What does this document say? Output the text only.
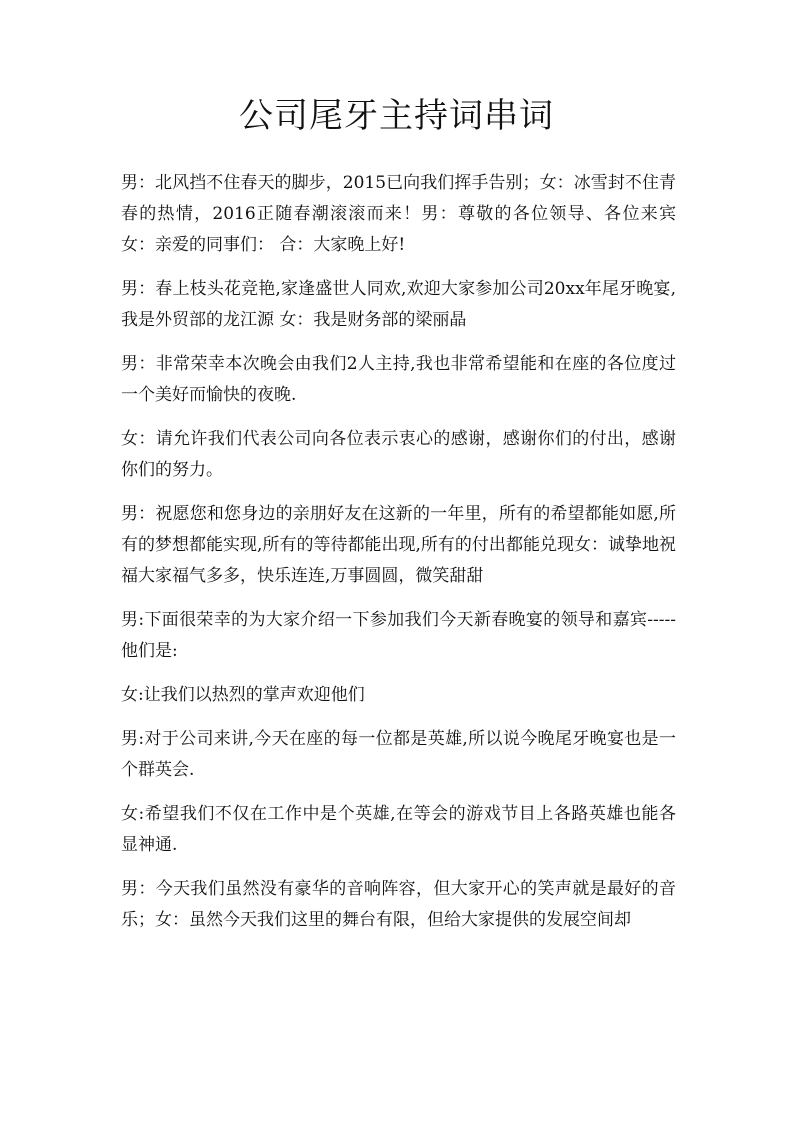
公司尾牙主持词串词

男：北风挡不住春天的脚步，2015已向我们挥手告别；女：冰雪封不住青春的热情，2016正随春潮滚滚而来！男：尊敬的各位领导、各位来宾 女：亲爱的同事们： 合：大家晚上好!

男：春上枝头花竞艳,家逢盛世人同欢,欢迎大家参加公司20xx年尾牙晚宴,我是外贸部的龙江源 女：我是财务部的梁丽晶

男：非常荣幸本次晚会由我们2人主持,我也非常希望能和在座的各位度过一个美好而愉快的夜晚.

女：请允许我们代表公司向各位表示衷心的感谢，感谢你们的付出，感谢你们的努力。

男：祝愿您和您身边的亲朋好友在这新的一年里，所有的希望都能如愿,所有的梦想都能实现,所有的等待都能出现,所有的付出都能兑现女：诚挚地祝福大家福气多多，快乐连连,万事圆圆，微笑甜甜

男:下面很荣幸的为大家介绍一下参加我们今天新春晚宴的领导和嘉宾-----他们是:

女:让我们以热烈的掌声欢迎他们

男:对于公司来讲,今天在座的每一位都是英雄,所以说今晚尾牙晚宴也是一个群英会.

女:希望我们不仅在工作中是个英雄,在等会的游戏节目上各路英雄也能各显神通.

男：今天我们虽然没有豪华的音响阵容，但大家开心的笑声就是最好的音乐；女：虽然今天我们这里的舞台有限，但给大家提供的发展空间却
